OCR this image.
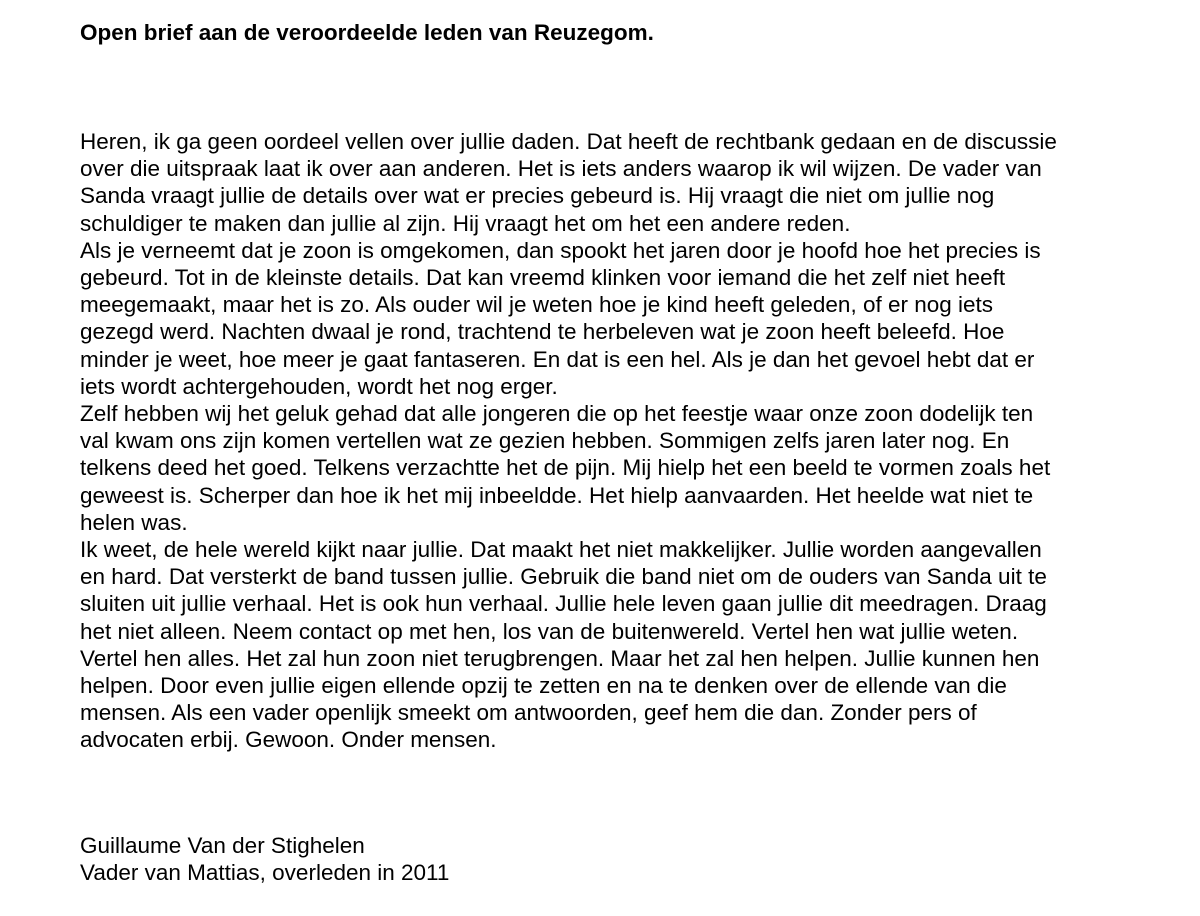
Open brief aan de veroordeelde leden van Reuzegom.
Heren, ik ga geen oordeel vellen over jullie daden. Dat heeft de rechtbank gedaan en de discussie
over die uitspraak laat ik over aan anderen. Het is iets anders waarop ik wil wijzen. De vader van
Sanda vraagt jullie de details over wat er precies gebeurd is. Hij vraagt die niet om jullie nog
schuldiger te maken dan jullie al zijn. Hij vraagt het om het een andere reden.
Als je verneemt dat je zoon is omgekomen, dan spookt het jaren door je hoofd hoe het precies is
gebeurd. Tot in de kleinste details. Dat kan vreemd klinken voor iemand die het zelf niet heeft
meegemaakt, maar het is zo. Als ouder wil je weten hoe je kind heeft geleden, of er nog iets
gezegd werd. Nachten dwaal je rond, trachtend te herbeleven wat je zoon heeft beleefd. Hoe
minder je weet, hoe meer je gaat fantaseren. En dat is een hel. Als je dan het gevoel hebt dat er
iets wordt achtergehouden, wordt het nog erger.
Zelf hebben wij het geluk gehad dat alle jongeren die op het feestje waar onze zoon dodelijk ten
val kwam ons zijn komen vertellen wat ze gezien hebben. Sommigen zelfs jaren later nog. En
telkens deed het goed. Telkens verzachtte het de pijn. Mij hielp het een beeld te vormen zoals het
geweest is. Scherper dan hoe ik het mij inbeeldde. Het hielp aanvaarden. Het heelde wat niet te
helen was.
Ik weet, de hele wereld kijkt naar jullie. Dat maakt het niet makkelijker. Jullie worden aangevallen
en hard. Dat versterkt de band tussen jullie. Gebruik die band niet om de ouders van Sanda uit te
sluiten uit jullie verhaal. Het is ook hun verhaal. Jullie hele leven gaan jullie dit meedragen. Draag
het niet alleen. Neem contact op met hen, los van de buitenwereld. Vertel hen wat jullie weten.
Vertel hen alles. Het zal hun zoon niet terugbrengen. Maar het zal hen helpen. Jullie kunnen hen
helpen. Door even jullie eigen ellende opzij te zetten en na te denken over de ellende van die
mensen. Als een vader openlijk smeekt om antwoorden, geef hem die dan. Zonder pers of
advocaten erbij. Gewoon. Onder mensen.
Guillaume Van der Stighelen
Vader van Mattias, overleden in 2011
